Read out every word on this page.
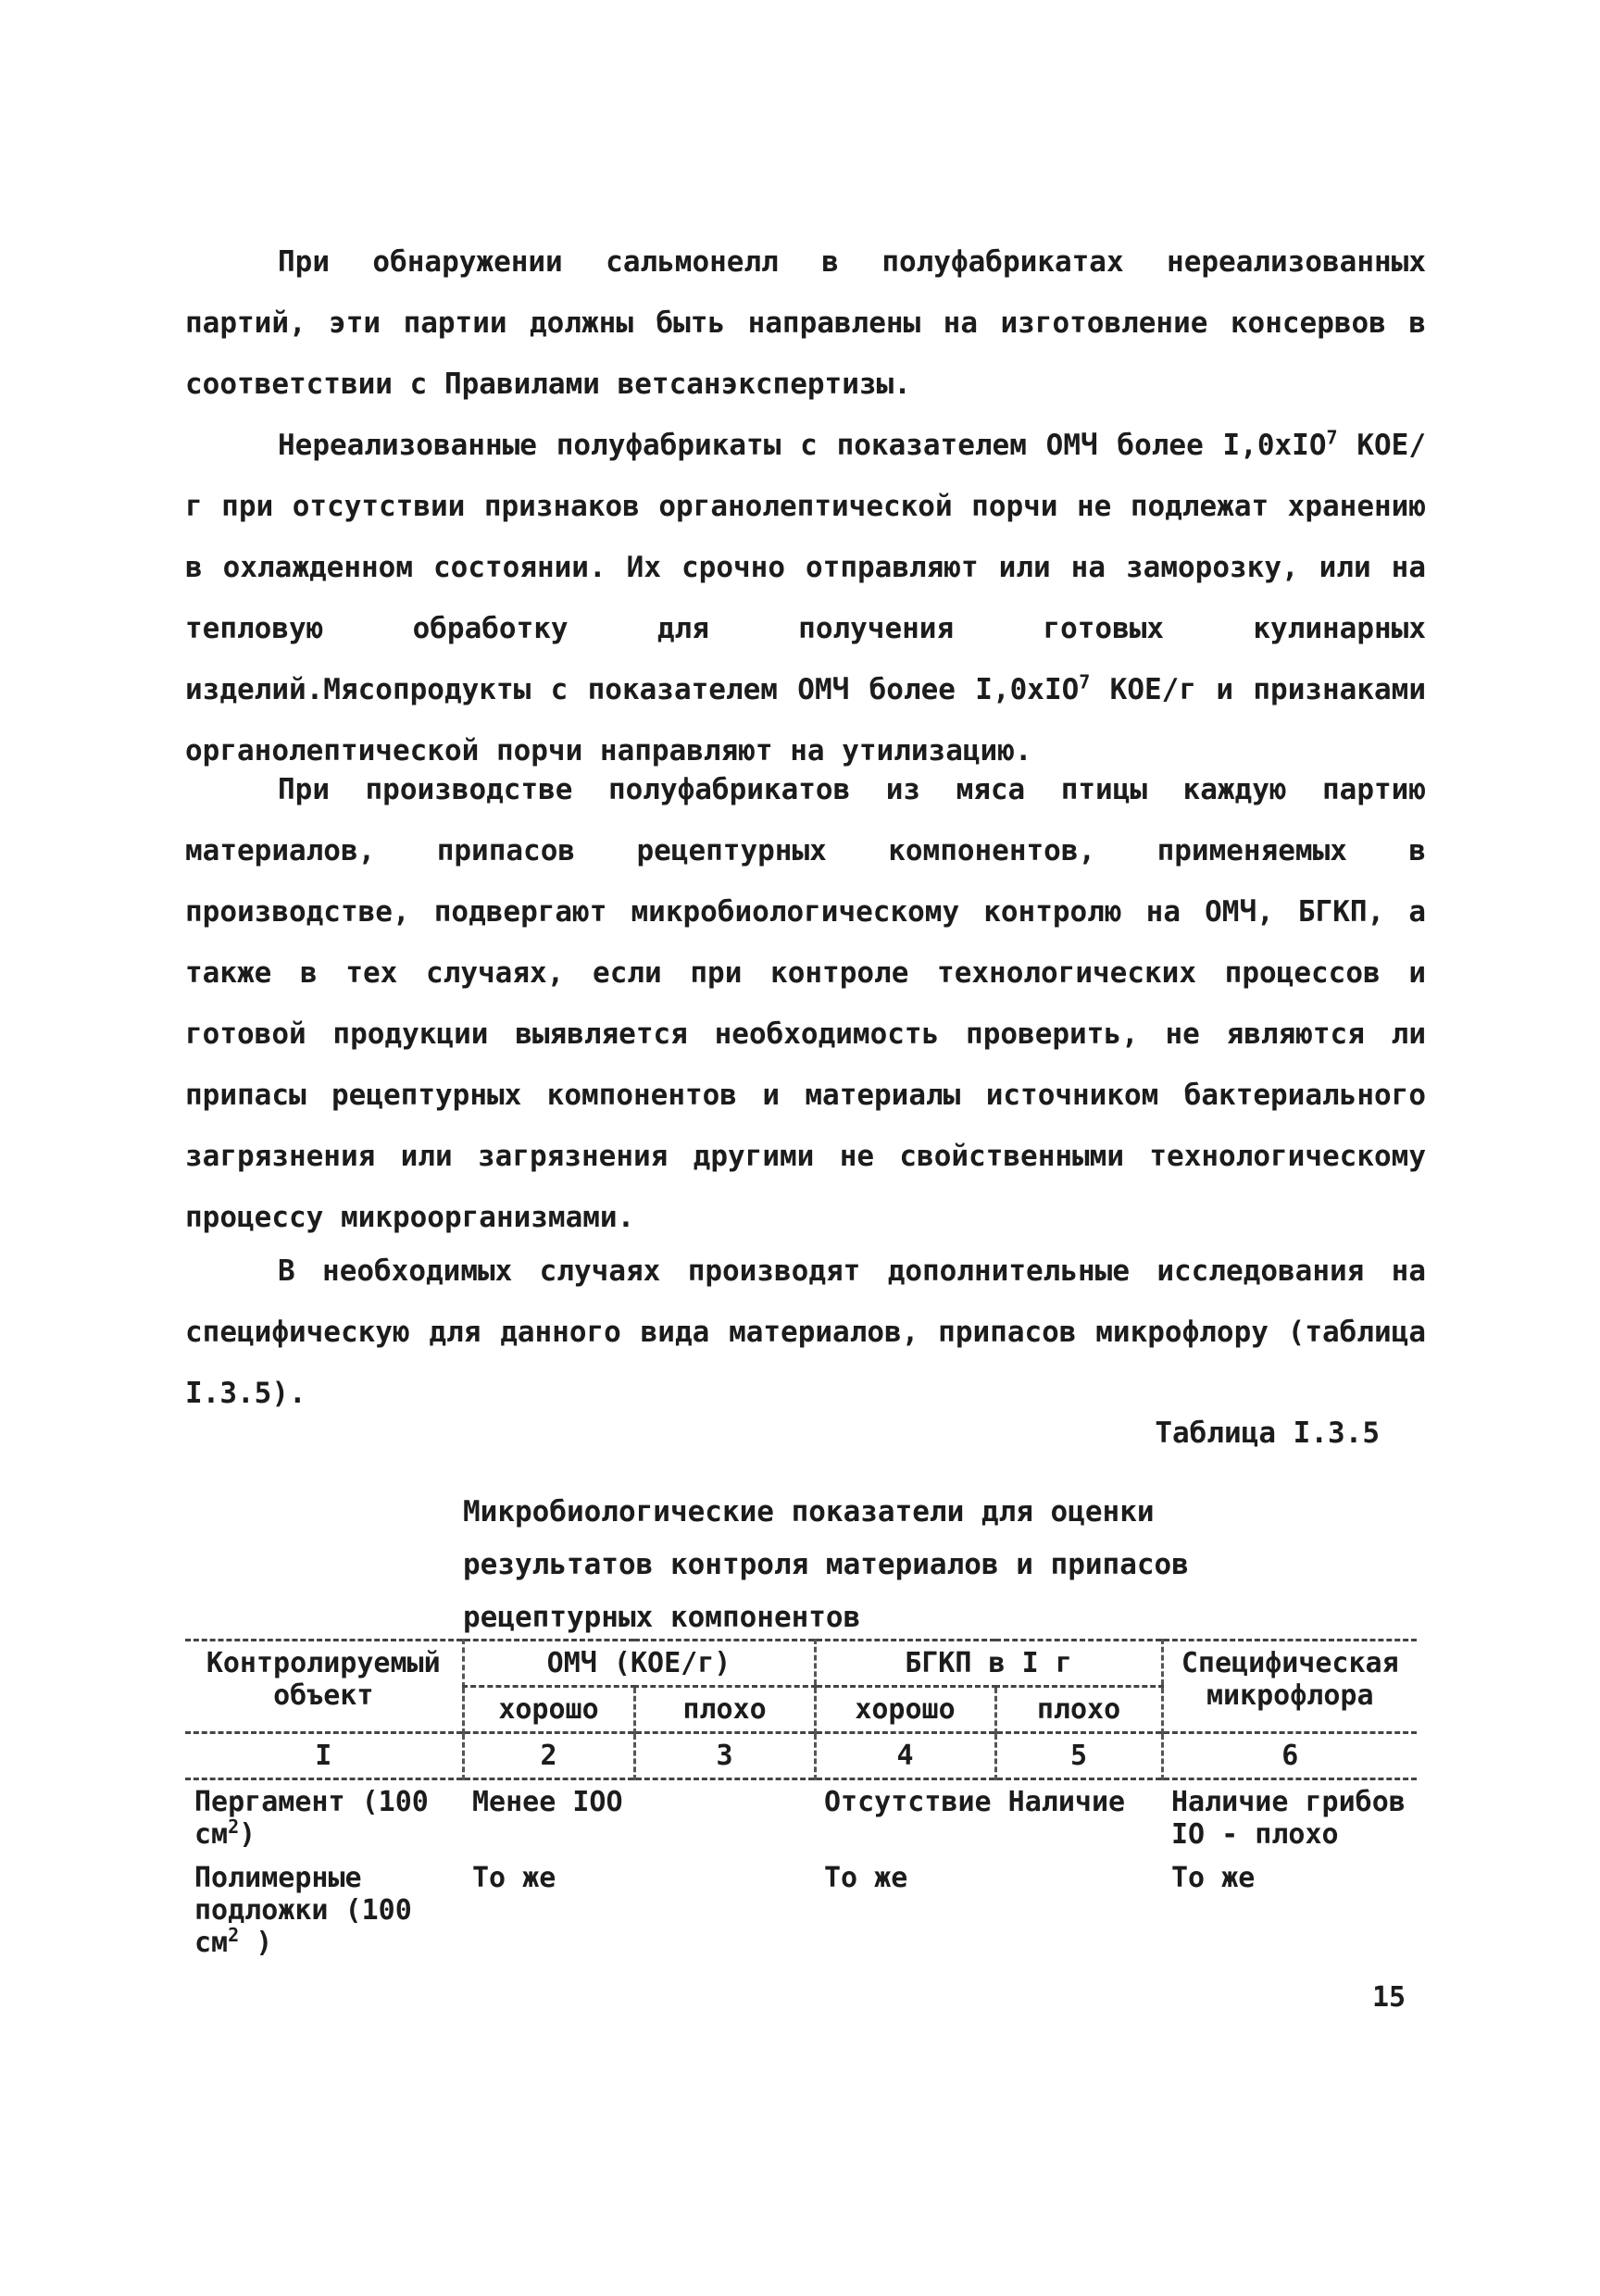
При обнаружении сальмонелл в полуфабрикатах нереализованных партий, эти партии должны быть направлены на изготовление консервов в соответствии с Правилами ветсанэкспертизы.

Нереализованные полуфабрикаты с показателем ОМЧ более I,0xIO$^7$ КОЕ/г при отсутствии признаков органолептической порчи не подлежат хранению в охлажденном состоянии. Их срочно отправляют или на заморозку, или на тепловую обработку для получения готовых кулинарных изделий.Мясопродукты с показателем ОМЧ более I,0xIO$^7$ КОЕ/г и признаками органолептической порчи направляют на утилизацию.

При производстве полуфабрикатов из мяса птицы каждую партию материалов, припасов рецептурных компонентов, применяемых в производстве, подвергают микробиологическому контролю на ОМЧ, БГКП, а также в тех случаях, если при контроле технологических процессов и готовой продукции выявляется необходимость проверить, не являются ли припасы рецептурных компонентов и материалы источником бактериального загрязнения или загрязнения другими не свойственными технологическому процессу микроорганизмами.

В необходимых случаях производят дополнительные исследования на специфическую для данного вида материалов, припасов микрофлору (таблица I.3.5).

Таблица I.3.5
Микробиологические показатели для оценки результатов контроля материалов и припасов рецептурных компонентов
Контролируемый объект	ОМЧ (КОЕ/г)		БГКП в I г		Специфическая микрофлора
	хорошо	плохо	хорошо	плохо	
I	2	3	4	5	6
Пергамент (100 $см^2$)	Менее IOO		Отсутствие Наличие		Наличие грибов IO - плохо
Полимерные подложки (100 $см^2$ )	То же		То же		То же
15
